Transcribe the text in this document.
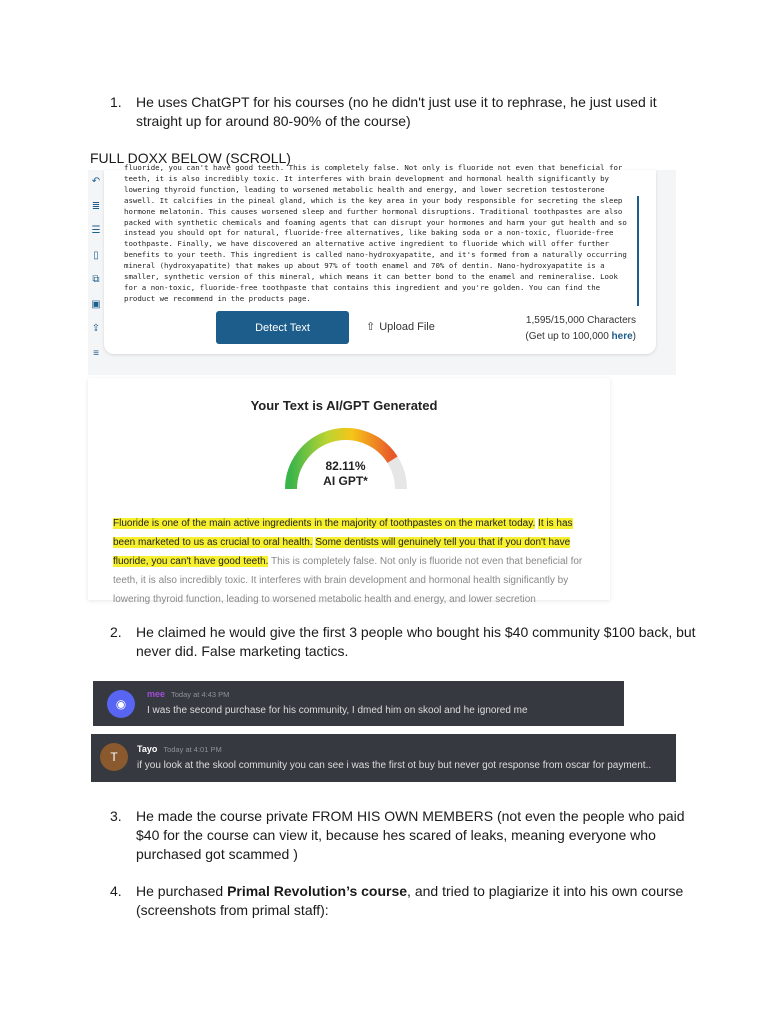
1.	He uses ChatGPT for his courses (no he didn't just use it to rephrase, he just used it straight up for around 80-90% of the course)
FULL DOXX BELOW (SCROLL)
↶
≣
☰
▯
⧉
▣
⇪
≡
fluoride, you can't have good teeth. This is completely false. Not only is fluoride not even that beneficial for teeth, it is also incredibly toxic. It interferes with brain development and hormonal health significantly by lowering thyroid function, leading to worsened metabolic health and energy, and lower secretion testosterone aswell. It calcifies in the pineal gland, which is the key area in your body responsible for secreting the sleep hormone melatonin. This causes worsened sleep and further hormonal disruptions. Traditional toothpastes are also packed with synthetic chemicals and foaming agents that can disrupt your hormones and harm your gut health and so instead you should opt for natural, fluoride-free alternatives, like baking soda or a non-toxic, fluoride-free toothpaste. Finally, we have discovered an alternative active ingredient to fluoride which will offer further benefits to your teeth. This ingredient is called nano-hydroxyapatite, and it's formed from a naturally occurring mineral (hydroxyapatite) that makes up about 97% of tooth enamel and 70% of dentin. Nano-hydroxyapatite is a smaller, synthetic version of this mineral, which means it can better bond to the enamel and remineralise. Look for a non-toxic, fluoride-free toothpaste that contains this ingredient and you're golden. You can find the product we recommend in the products page.
Detect Text	⇧ Upload File
1,595/15,000 Characters
(Get up to 100,000 here)
Your Text is AI/GPT Generated
82.11%
AI GPT*
Fluoride is one of the main active ingredients in the majority of toothpastes on the market today. It is has been marketed to us as crucial to oral health. Some dentists will genuinely tell you that if you don't have fluoride, you can't have good teeth. This is completely false. Not only is fluoride not even that beneficial for teeth, it is also incredibly toxic. It interferes with brain development and hormonal health significantly by lowering thyroid function, leading to worsened metabolic health and energy, and lower secretion
2.	He claimed he would give the first 3 people who bought his $40 community $100 back, but never did. False marketing tactics.
◉
mee Today at 4:43 PM
I was the second purchase for his community, I dmed him on skool and he ignored me
T
Tayo Today at 4:01 PM
if you look at the skool community you can see i was the first ot buy but never got response from oscar for payment..
3.	He made the course private FROM HIS OWN MEMBERS (not even the people who paid $40 for the course can view it, because hes scared of leaks, meaning everyone who purchased got scammed )
4.	He purchased Primal Revolution’s course, and tried to plagiarize it into his own course (screenshots from primal staff):
